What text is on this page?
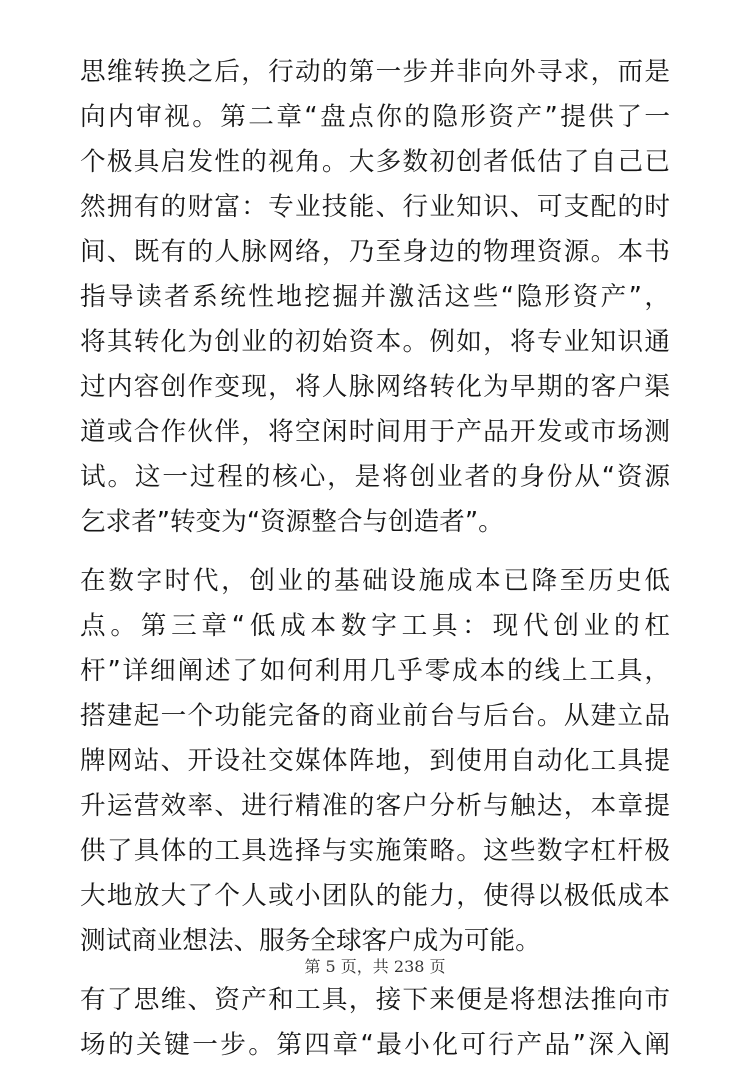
思维转换之后，行动的第一步并非向外寻求，而是
向内审视。第二章“盘点你的隐形资产”提供了一
个极具启发性的视角。大多数初创者低估了自己已
然拥有的财富：专业技能、行业知识、可支配的时
间、既有的人脉网络，乃至身边的物理资源。本书
指导读者系统性地挖掘并激活这些“隐形资产”，
将其转化为创业的初始资本。例如，将专业知识通
过内容创作变现，将人脉网络转化为早期的客户渠
道或合作伙伴，将空闲时间用于产品开发或市场测
试。这一过程的核心，是将创业者的身份从“资源
乞求者”转变为“资源整合与创造者”。

在数字时代，创业的基础设施成本已降至历史低
点。第三章“低成本数字工具：现代创业的杠
杆”详细阐述了如何利用几乎零成本的线上工具，
搭建起一个功能完备的商业前台与后台。从建立品
牌网站、开设社交媒体阵地，到使用自动化工具提
升运营效率、进行精准的客户分析与触达，本章提
供了具体的工具选择与实施策略。这些数字杠杆极
大地放大了个人或小团队的能力，使得以极低成本
测试商业想法、服务全球客户成为可能。

有了思维、资产和工具，接下来便是将想法推向市
场的关键一步。第四章“最小化可行产品”深入阐

第 5 页，共 238 页
